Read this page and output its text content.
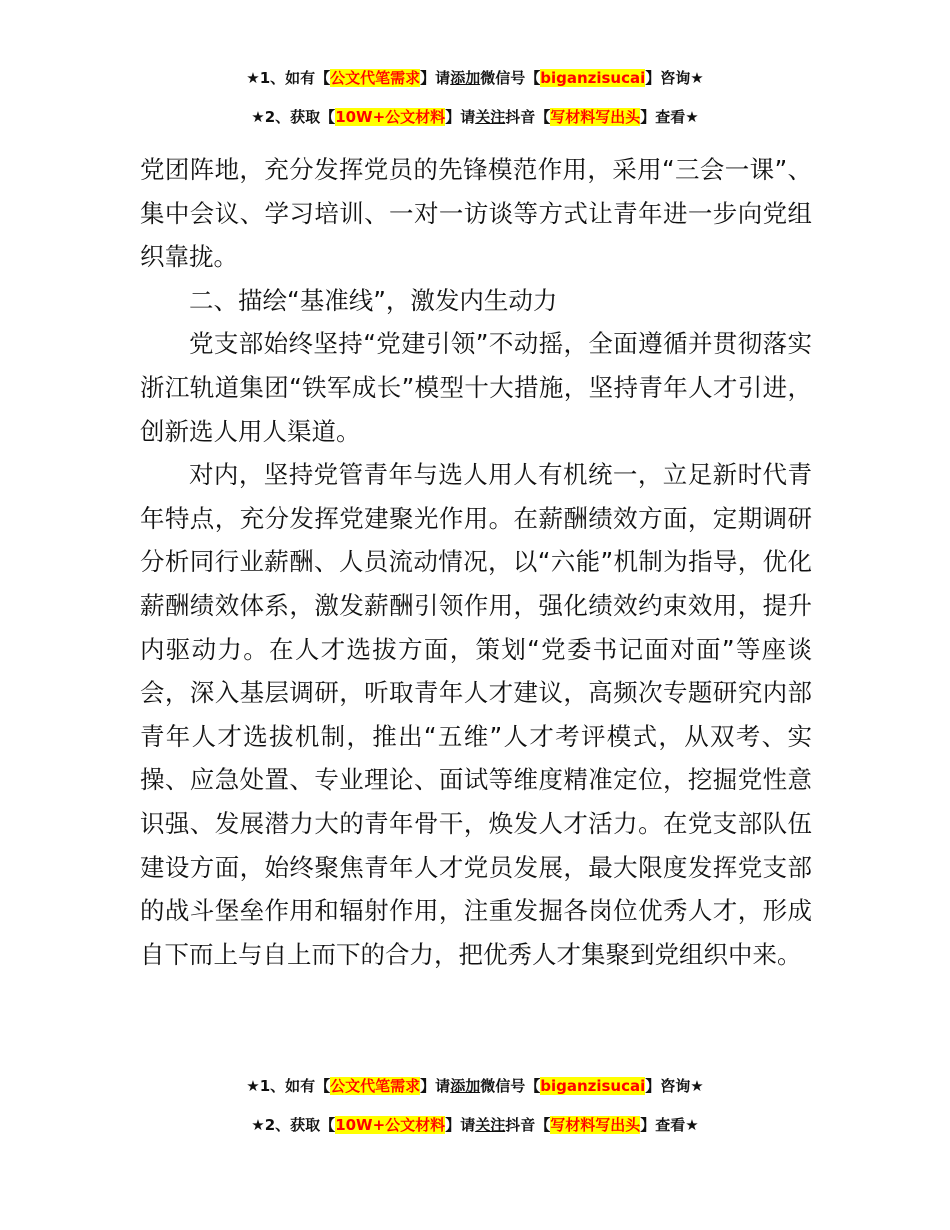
★1、如有【公文代笔需求】请添加微信号【biganzisucai】咨询★
★2、获取【10W+公文材料】请关注抖音【写材料写出头】查看★

党团阵地，充分发挥党员的先锋模范作用，采用“三会一课”、集中会议、学习培训、一对一访谈等方式让青年进一步向党组织靠拢。

二、描绘“基准线”，激发内生动力

党支部始终坚持“党建引领”不动摇，全面遵循并贯彻落实浙江轨道集团“铁军成长”模型十大措施，坚持青年人才引进，创新选人用人渠道。

对内，坚持党管青年与选人用人有机统一，立足新时代青年特点，充分发挥党建聚光作用。在薪酬绩效方面，定期调研分析同行业薪酬、人员流动情况，以“六能”机制为指导，优化薪酬绩效体系，激发薪酬引领作用，强化绩效约束效用，提升内驱动力。在人才选拔方面，策划“党委书记面对面”等座谈会，深入基层调研，听取青年人才建议，高频次专题研究内部青年人才选拔机制，推出“五维”人才考评模式，从双考、实操、应急处置、专业理论、面试等维度精准定位，挖掘党性意识强、发展潜力大的青年骨干，焕发人才活力。在党支部队伍建设方面，始终聚焦青年人才党员发展，最大限度发挥党支部的战斗堡垒作用和辐射作用，注重发掘各岗位优秀人才，形成自下而上与自上而下的合力，把优秀人才集聚到党组织中来。

★1、如有【公文代笔需求】请添加微信号【biganzisucai】咨询★
★2、获取【10W+公文材料】请关注抖音【写材料写出头】查看★
